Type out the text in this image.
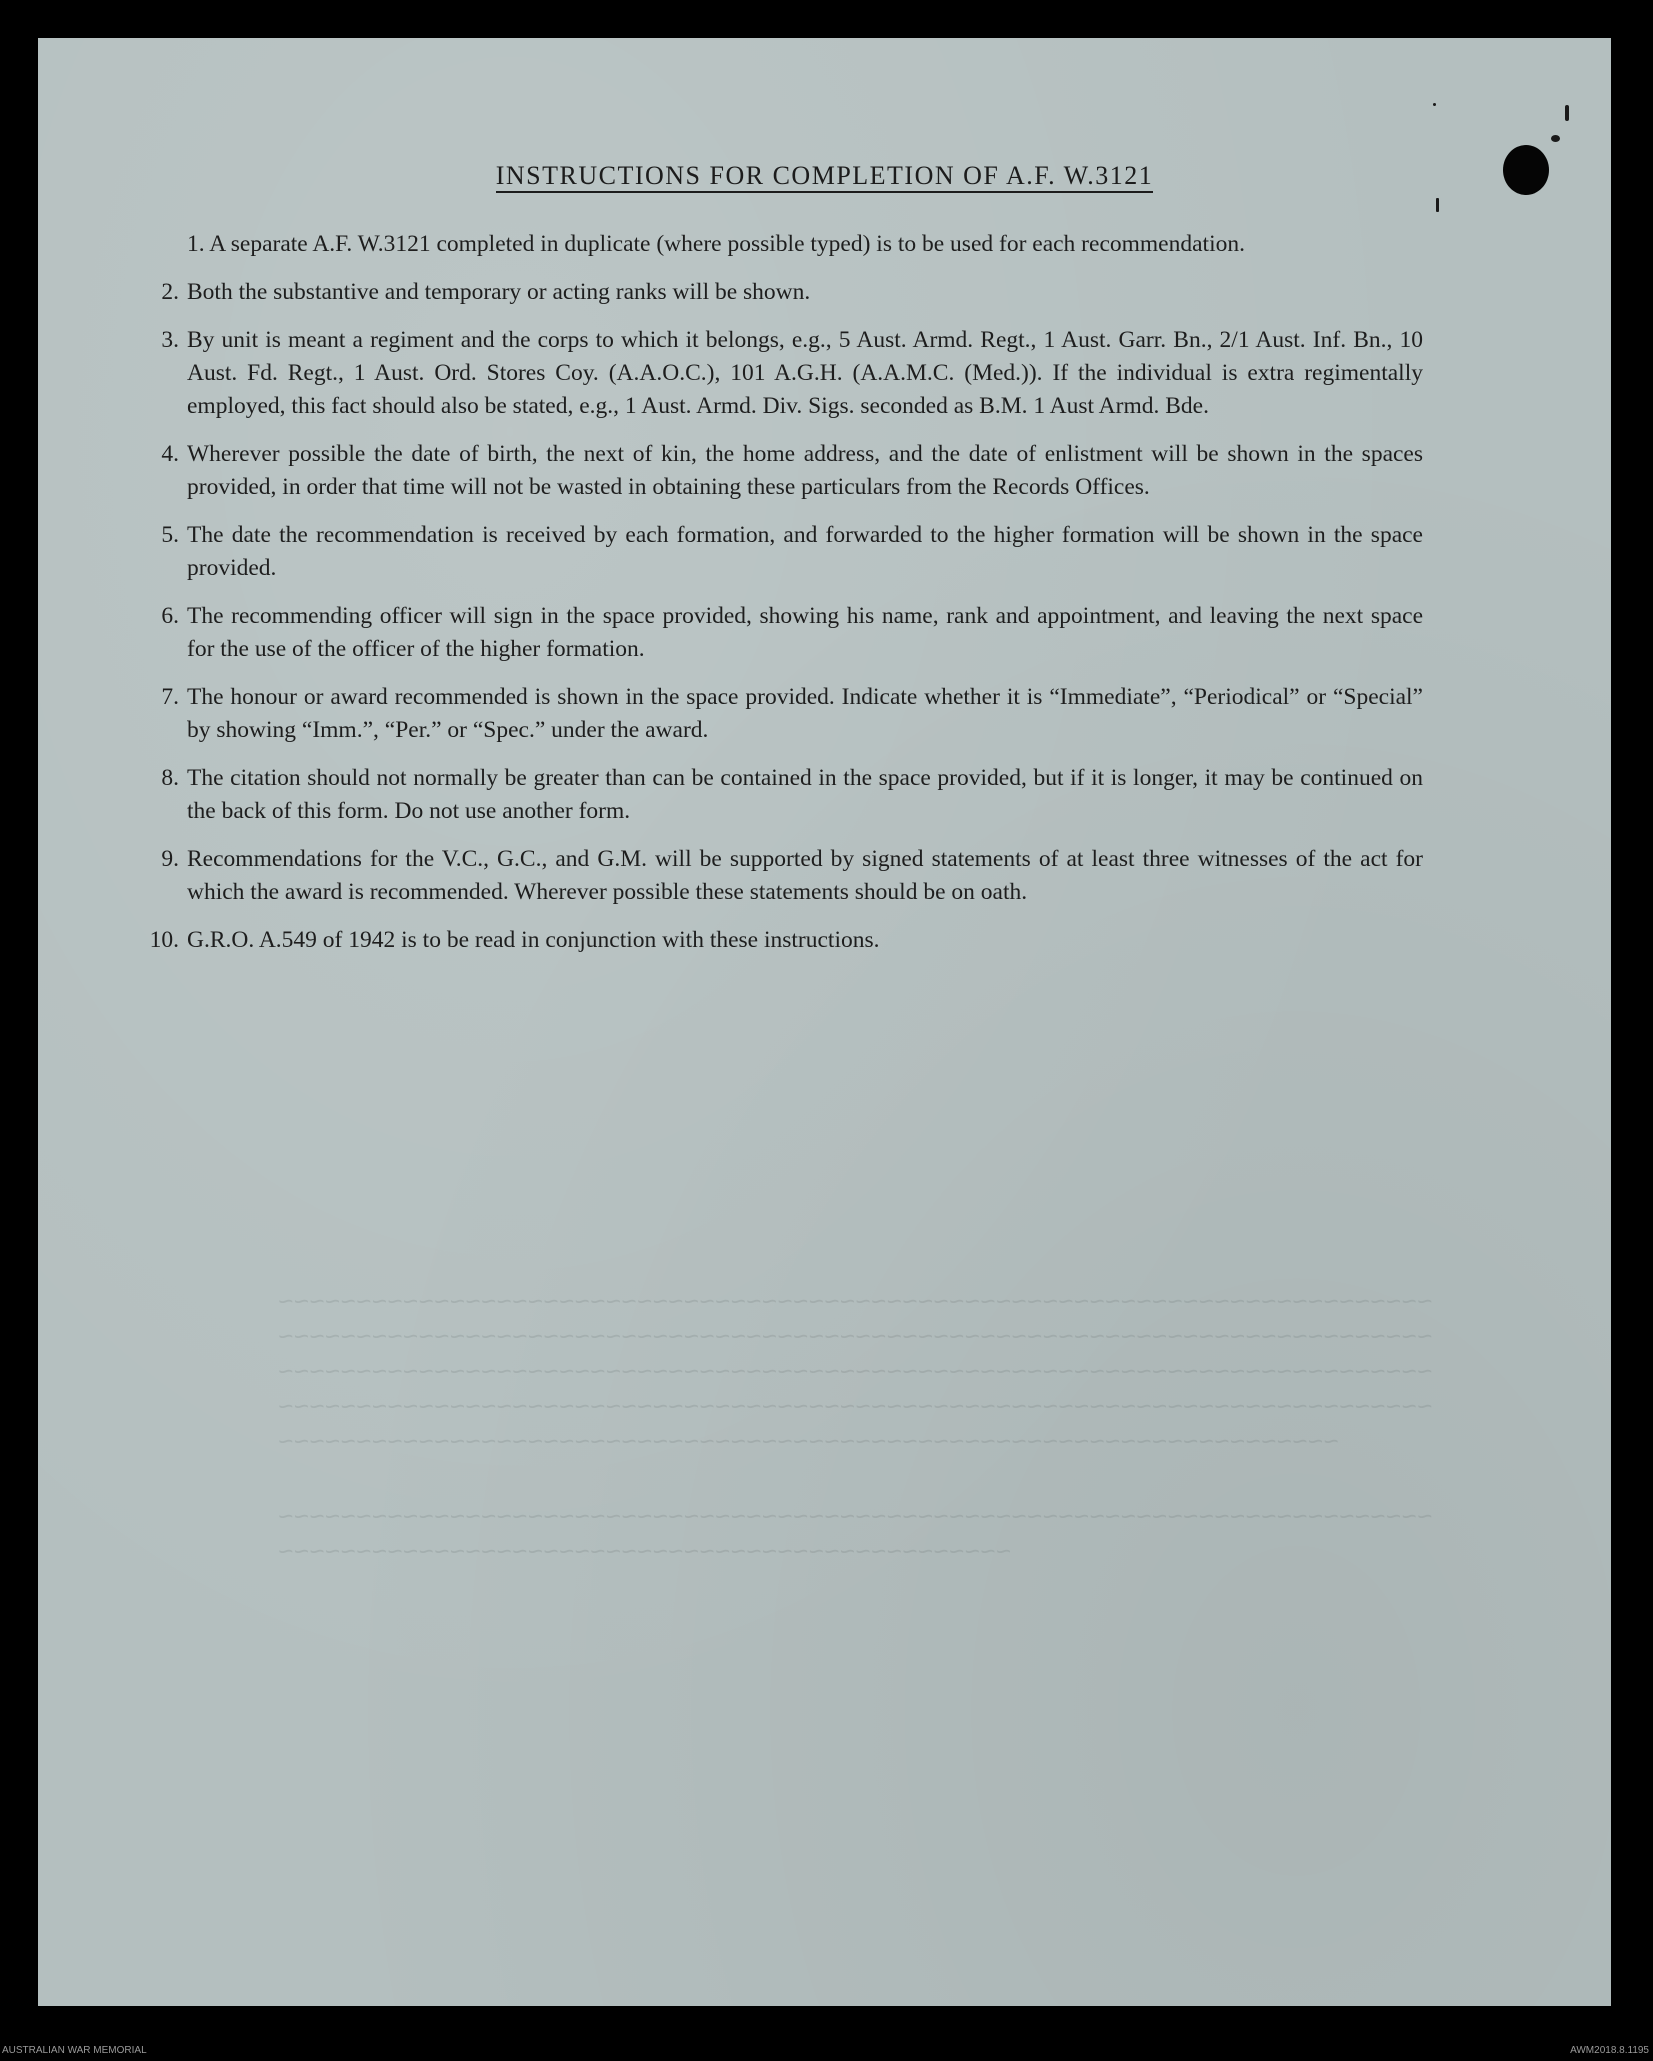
~~~~~~~~~~~~~~~~~~~~~~~~~~~~~~~~~~~~~~~~~~~~~~~~~~~~~~~~~~~~~~~~~~~~~~~~~~
~~~~~~~~~~~~~~~~~~~~~~~~~~~~~~~~~~~~~~~~~~~~~~~~~~~~~~~~~~~~~~~~~~~~~~~~~~
~~~~~~~~~~~~~~~~~~~~~~~~~~~~~~~~~~~~~~~~~~~~~~~~~~~~~~~~~~~~~~~~~~~~~~~~~~
~~~~~~~~~~~~~~~~~~~~~~~~~~~~~~~~~~~~~~~~~~~~~~~~~~~~~~~~~~~~~~~~~~~~~~~~~~
~~~~~~~~~~~~~~~~~~~~~~~~~~~~~~~~~~~~~~~~~~~~~~~~~~~~~~~~~~~~~~~~~~~~
~~~~~~~~~~~~~~~~~~~~~~~~~~~~~~~~~~~~~~~~~~~~~~~~~~~~~~~~~~~~~~~~~~~~~~~~~~
~~~~~~~~~~~~~~~~~~~~~~~~~~~~~~~~~~~~~~~~~~~~~~~
INSTRUCTIONS FOR COMPLETION OF A.F. W.3121
1. A separate A.F. W.3121 completed in duplicate (where possible typed) is to be used for each recommendation.
2. Both the substantive and temporary or acting ranks will be shown.
3. By unit is meant a regiment and the corps to which it belongs, e.g., 5 Aust. Armd. Regt., 1 Aust. Garr. Bn., 2/1 Aust. Inf. Bn., 10 Aust. Fd. Regt., 1 Aust. Ord. Stores Coy. (A.A.O.C.), 101 A.G.H. (A.A.M.C. (Med.)). If the individual is extra regimentally employed, this fact should also be stated, e.g., 1 Aust. Armd. Div. Sigs. seconded as B.M. 1 Aust Armd. Bde.
4. Wherever possible the date of birth, the next of kin, the home address, and the date of enlistment will be shown in the spaces provided, in order that time will not be wasted in obtaining these particulars from the Records Offices.
5. The date the recommendation is received by each formation, and forwarded to the higher formation will be shown in the space provided.
6. The recommending officer will sign in the space provided, showing his name, rank and appointment, and leaving the next space for the use of the officer of the higher formation.
7. The honour or award recommended is shown in the space provided. Indicate whether it is “Immediate”, “Periodical” or “Special” by showing “Imm.”, “Per.” or “Spec.” under the award.
8. The citation should not normally be greater than can be contained in the space provided, but if it is longer, it may be continued on the back of this form. Do not use another form.
9. Recommendations for the V.C., G.C., and G.M. will be supported by signed statements of at least three witnesses of the act for which the award is recommended. Wherever possible these statements should be on oath.
10. G.R.O. A.549 of 1942 is to be read in conjunction with these instructions.
AUSTRALIAN WAR MEMORIAL	AWM2018.8.1195
